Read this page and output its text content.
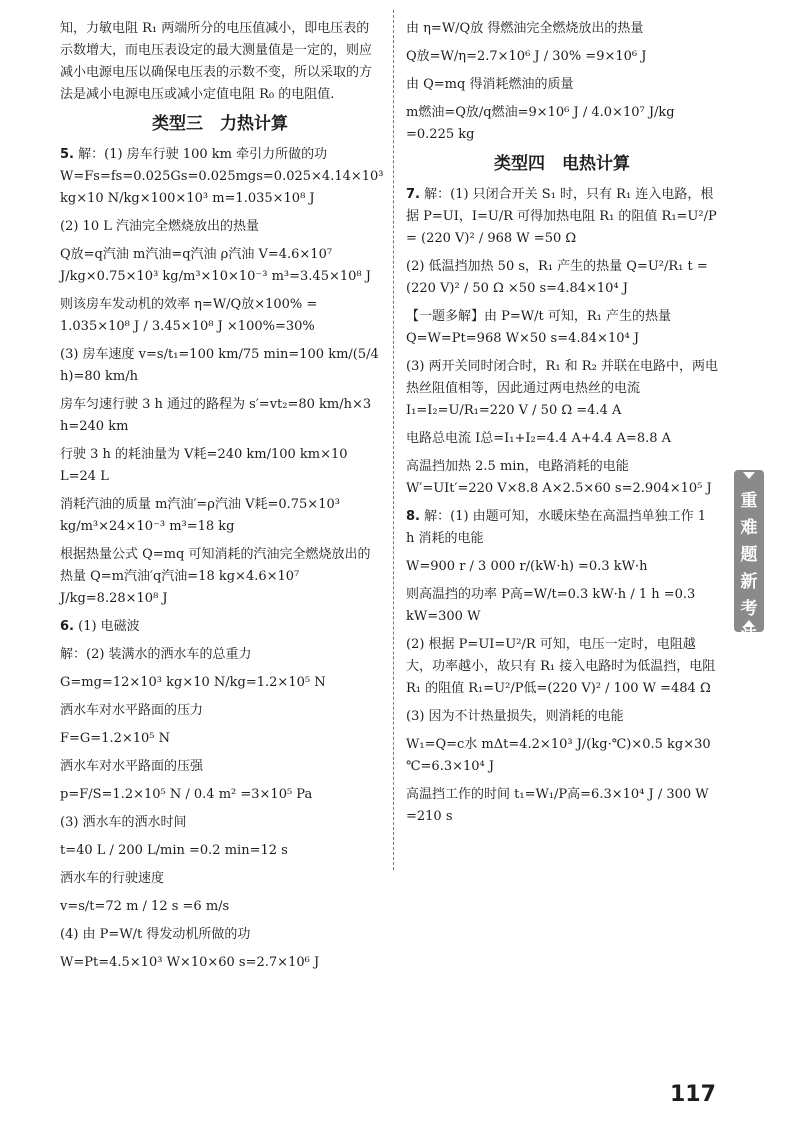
知，力敏电阻 R₁ 两端所分的电压值减小，即电压表的示数增大，而电压表设定的最大测量值是一定的，则应减小电源电压以确保电压表的示数不变，所以采取的方法是减小电源电压或减小定值电阻 R₀ 的电阻值.

类型三　力热计算

5. 解：(1) 房车行驶 100 km 牵引力所做的功 W=Fs=fs=0.025Gs=0.025mgs=0.025×4.14×10³ kg×10 N/kg×100×10³ m=1.035×10⁸ J

(2) 10 L 汽油完全燃烧放出的热量

Q放=q汽油 m汽油=q汽油 ρ汽油 V=4.6×10⁷ J/kg×0.75×10³ kg/m³×10×10⁻³ m³=3.45×10⁸ J

则该房车发动机的效率 η=W/Q放×100% = 1.035×10⁸ J / 3.45×10⁸ J ×100%=30%

(3) 房车速度 v=s/t₁=100 km/75 min=100 km/(5/4 h)=80 km/h

房车匀速行驶 3 h 通过的路程为 s′=vt₂=80 km/h×3 h=240 km

行驶 3 h 的耗油量为 V耗=240 km/100 km×10 L=24 L

消耗汽油的质量 m汽油′=ρ汽油 V耗=0.75×10³ kg/m³×24×10⁻³ m³=18 kg

根据热量公式 Q=mq 可知消耗的汽油完全燃烧放出的热量 Q=m汽油′q汽油=18 kg×4.6×10⁷ J/kg=8.28×10⁸ J

6. (1) 电磁波

解：(2) 装满水的洒水车的总重力

G=mg=12×10³ kg×10 N/kg=1.2×10⁵ N

洒水车对水平路面的压力

F=G=1.2×10⁵ N

洒水车对水平路面的压强

p=F/S=1.2×10⁵ N / 0.4 m² =3×10⁵ Pa

(3) 洒水车的洒水时间

t=40 L / 200 L/min =0.2 min=12 s

洒水车的行驶速度

v=s/t=72 m / 12 s =6 m/s

(4) 由 P=W/t 得发动机所做的功

W=Pt=4.5×10³ W×10×60 s=2.7×10⁶ J

由 η=W/Q放 得燃油完全燃烧放出的热量

Q放=W/η=2.7×10⁶ J / 30% =9×10⁶ J

由 Q=mq 得消耗燃油的质量

m燃油=Q放/q燃油=9×10⁶ J / 4.0×10⁷ J/kg =0.225 kg

类型四　电热计算

7. 解：(1) 只闭合开关 S₁ 时，只有 R₁ 连入电路，根据 P=UI，I=U/R 可得加热电阻 R₁ 的阻值 R₁=U²/P = (220 V)² / 968 W =50 Ω

(2) 低温挡加热 50 s，R₁ 产生的热量 Q=U²/R₁ t = (220 V)² / 50 Ω ×50 s=4.84×10⁴ J

【一题多解】由 P=W/t 可知，R₁ 产生的热量 Q=W=Pt=968 W×50 s=4.84×10⁴ J

(3) 两开关同时闭合时，R₁ 和 R₂ 并联在电路中，两电热丝阻值相等，因此通过两电热丝的电流 I₁=I₂=U/R₁=220 V / 50 Ω =4.4 A

电路总电流 I总=I₁+I₂=4.4 A+4.4 A=8.8 A

高温挡加热 2.5 min，电路消耗的电能 W′=UIt′=220 V×8.8 A×2.5×60 s=2.904×10⁵ J

8. 解：(1) 由题可知，水暖床垫在高温挡单独工作 1 h 消耗的电能

W=900 r / 3 000 r/(kW·h) =0.3 kW·h

则高温挡的功率 P高=W/t=0.3 kW·h / 1 h =0.3 kW=300 W

(2) 根据 P=UI=U²/R 可知，电压一定时，电阻越大，功率越小，故只有 R₁ 接入电路时为低温挡，电阻 R₁ 的阻值 R₁=U²/P低=(220 V)² / 100 W =484 Ω

(3) 因为不计热量损失，则消耗的电能

W₁=Q=c水 mΔt=4.2×10³ J/(kg·℃)×0.5 kg×30 ℃=6.3×10⁴ J

高温挡工作的时间 t₁=W₁/P高=6.3×10⁴ J / 300 W =210 s

重难题新考法
117
